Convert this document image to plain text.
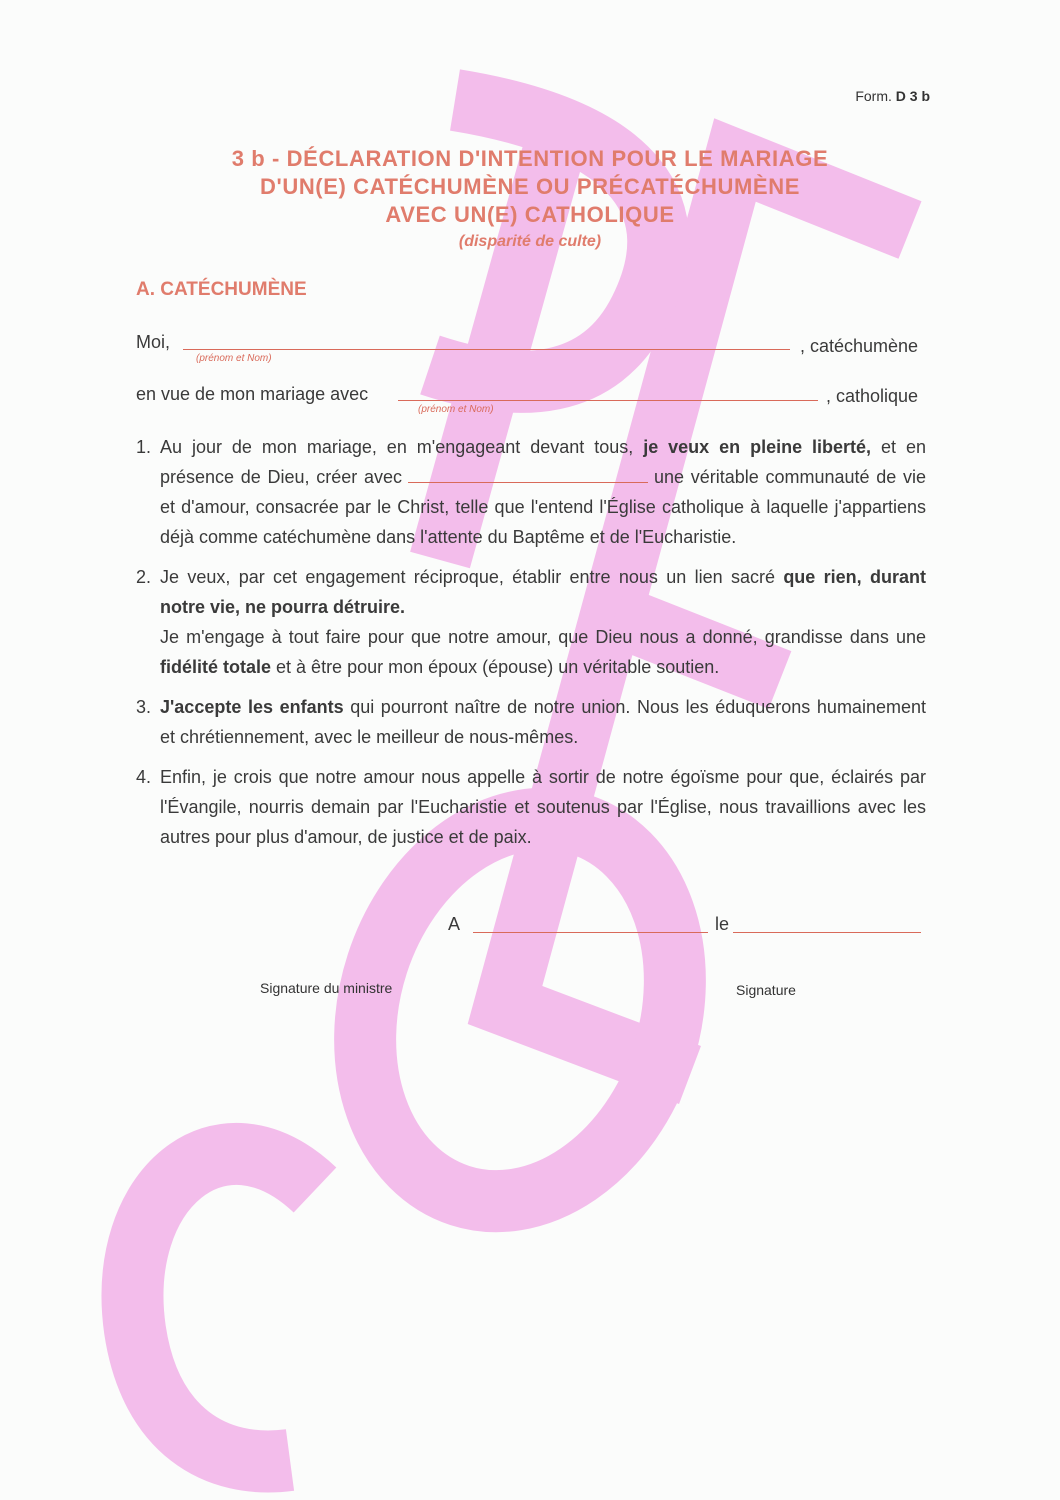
Form. D 3 b
3 b - DÉCLARATION D'INTENTION POUR LE MARIAGE
D'UN(E) CATÉCHUMÈNE OU PRÉCATÉCHUMÈNE
AVEC UN(E) CATHOLIQUE
(disparité de culte)
A. CATÉCHUMÈNE
Moi,
(prénom et Nom)
, catéchumène
en vue de mon mariage avec
(prénom et Nom)
, catholique
1. Au jour de mon mariage, en m'engageant devant tous, je veux en pleine liberté, et en présence de Dieu, créer avec	une véritable communauté de vie et d'amour, consacrée par le Christ, telle que l'entend l'Église catholique à laquelle j'appartiens déjà comme catéchumène dans l'attente du Baptême et de l'Eucharistie.
2. Je veux, par cet engagement réciproque, établir entre nous un lien sacré que rien, durant notre vie, ne pourra détruire.
Je m'engage à tout faire pour que notre amour, que Dieu nous a donné, grandisse dans une fidélité totale et à être pour mon époux (épouse) un véritable soutien.
3. J'accepte les enfants qui pourront naître de notre union. Nous les éduquerons humainement et chrétiennement, avec le meilleur de nous-mêmes.
4. Enfin, je crois que notre amour nous appelle à sortir de notre égoïsme pour que, éclairés par l'Évangile, nourris demain par l'Eucharistie et soutenus par l'Église, nous travaillions avec les autres pour plus d'amour, de justice et de paix.
A	le
Signature du ministre	Signature
